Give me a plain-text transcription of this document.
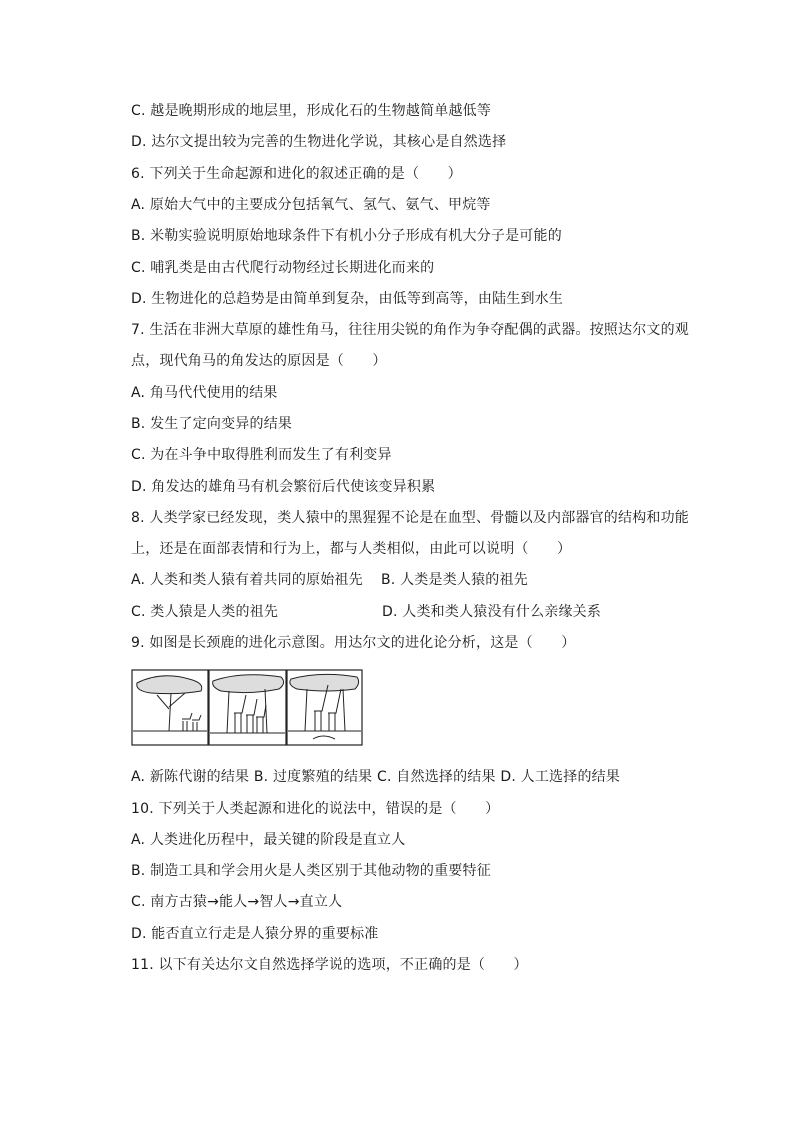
C. 越是晚期形成的地层里，形成化石的生物越简单越低等
D. 达尔文提出较为完善的生物进化学说，其核心是自然选择
6. 下列关于生命起源和进化的叙述正确的是（　　）
A. 原始大气中的主要成分包括氧气、氢气、氨气、甲烷等
B. 米勒实验说明原始地球条件下有机小分子形成有机大分子是可能的
C. 哺乳类是由古代爬行动物经过长期进化而来的
D. 生物进化的总趋势是由简单到复杂，由低等到高等，由陆生到水生
7. 生活在非洲大草原的雄性角马，往往用尖锐的角作为争夺配偶的武器。按照达尔文的观
点，现代角马的角发达的原因是（　　）
A. 角马代代使用的结果
B. 发生了定向变异的结果
C. 为在斗争中取得胜利而发生了有利变异
D. 角发达的雄角马有机会繁衍后代使该变异积累
8. 人类学家已经发现，类人猿中的黑猩猩不论是在血型、骨髓以及内部器官的结构和功能
上，还是在面部表情和行为上，都与人类相似，由此可以说明（　　）
A. 人类和类人猿有着共同的原始祖先 B. 人类是类人猿的祖先
C. 类人猿是人类的祖先	D. 人类和类人猿没有什么亲缘关系
9. 如图是长颈鹿的进化示意图。用达尔文的进化论分析，这是（　　）
A. 新陈代谢的结果 B. 过度繁殖的结果 C. 自然选择的结果 D. 人工选择的结果
10. 下列关于人类起源和进化的说法中，错误的是（　　）
A. 人类进化历程中，最关键的阶段是直立人
B. 制造工具和学会用火是人类区别于其他动物的重要特征
C. 南方古猿→能人→智人→直立人
D. 能否直立行走是人猿分界的重要标准
11. 以下有关达尔文自然选择学说的选项，不正确的是（　　）
